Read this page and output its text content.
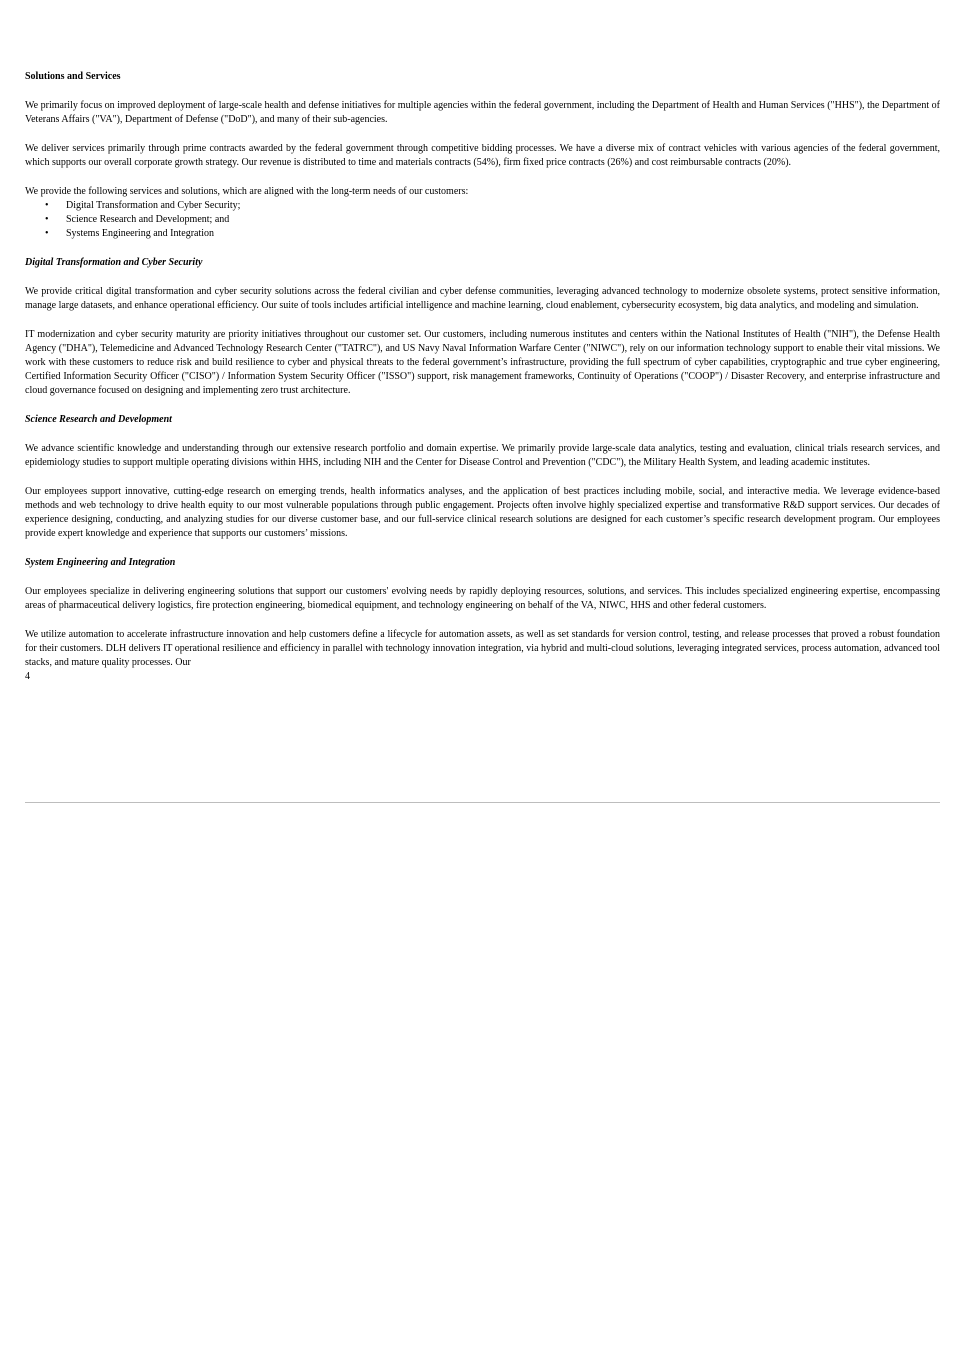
Solutions and Services

We primarily focus on improved deployment of large-scale health and defense initiatives for multiple agencies within the federal government, including the Department of Health and Human Services ("HHS"), the Department of Veterans Affairs ("VA"), Department of Defense ("DoD"), and many of their sub-agencies.

We deliver services primarily through prime contracts awarded by the federal government through competitive bidding processes. We have a diverse mix of contract vehicles with various agencies of the federal government, which supports our overall corporate growth strategy. Our revenue is distributed to time and materials contracts (54%), firm fixed price contracts (26%) and cost reimbursable contracts (20%).

We provide the following services and solutions, which are aligned with the long-term needs of our customers:

• Digital Transformation and Cyber Security;
• Science Research and Development; and
• Systems Engineering and Integration

Digital Transformation and Cyber Security

We provide critical digital transformation and cyber security solutions across the federal civilian and cyber defense communities, leveraging advanced technology to modernize obsolete systems, protect sensitive information, manage large datasets, and enhance operational efficiency. Our suite of tools includes artificial intelligence and machine learning, cloud enablement, cybersecurity ecosystem, big data analytics, and modeling and simulation.

IT modernization and cyber security maturity are priority initiatives throughout our customer set. Our customers, including numerous institutes and centers within the National Institutes of Health ("NIH"), the Defense Health Agency ("DHA"), Telemedicine and Advanced Technology Research Center ("TATRC"), and US Navy Naval Information Warfare Center ("NIWC"), rely on our information technology support to enable their vital missions. We work with these customers to reduce risk and build resilience to cyber and physical threats to the federal government’s infrastructure, providing the full spectrum of cyber capabilities, cryptographic and true cyber engineering, Certified Information Security Officer ("CISO") / Information System Security Officer ("ISSO") support, risk management frameworks, Continuity of Operations ("COOP") / Disaster Recovery, and enterprise infrastructure and cloud governance focused on designing and implementing zero trust architecture.

Science Research and Development

We advance scientific knowledge and understanding through our extensive research portfolio and domain expertise. We primarily provide large-scale data analytics, testing and evaluation, clinical trials research services, and epidemiology studies to support multiple operating divisions within HHS, including NIH and the Center for Disease Control and Prevention ("CDC"), the Military Health System, and leading academic institutes.

Our employees support innovative, cutting-edge research on emerging trends, health informatics analyses, and the application of best practices including mobile, social, and interactive media. We leverage evidence-based methods and web technology to drive health equity to our most vulnerable populations through public engagement. Projects often involve highly specialized expertise and transformative R&D support services. Our decades of experience designing, conducting, and analyzing studies for our diverse customer base, and our full-service clinical research solutions are designed for each customer’s specific research development program. Our employees provide expert knowledge and experience that supports our customers’ missions.

System Engineering and Integration

Our employees specialize in delivering engineering solutions that support our customers' evolving needs by rapidly deploying resources, solutions, and services. This includes specialized engineering expertise, encompassing areas of pharmaceutical delivery logistics, fire protection engineering, biomedical equipment, and technology engineering on behalf of the VA, NIWC, HHS and other federal customers.

We utilize automation to accelerate infrastructure innovation and help customers define a lifecycle for automation assets, as well as set standards for version control, testing, and release processes that proved a robust foundation for their customers. DLH delivers IT operational resilience and efficiency in parallel with technology innovation integration, via hybrid and multi-cloud solutions, leveraging integrated services, process automation, advanced tool stacks, and mature quality processes. Our

4
